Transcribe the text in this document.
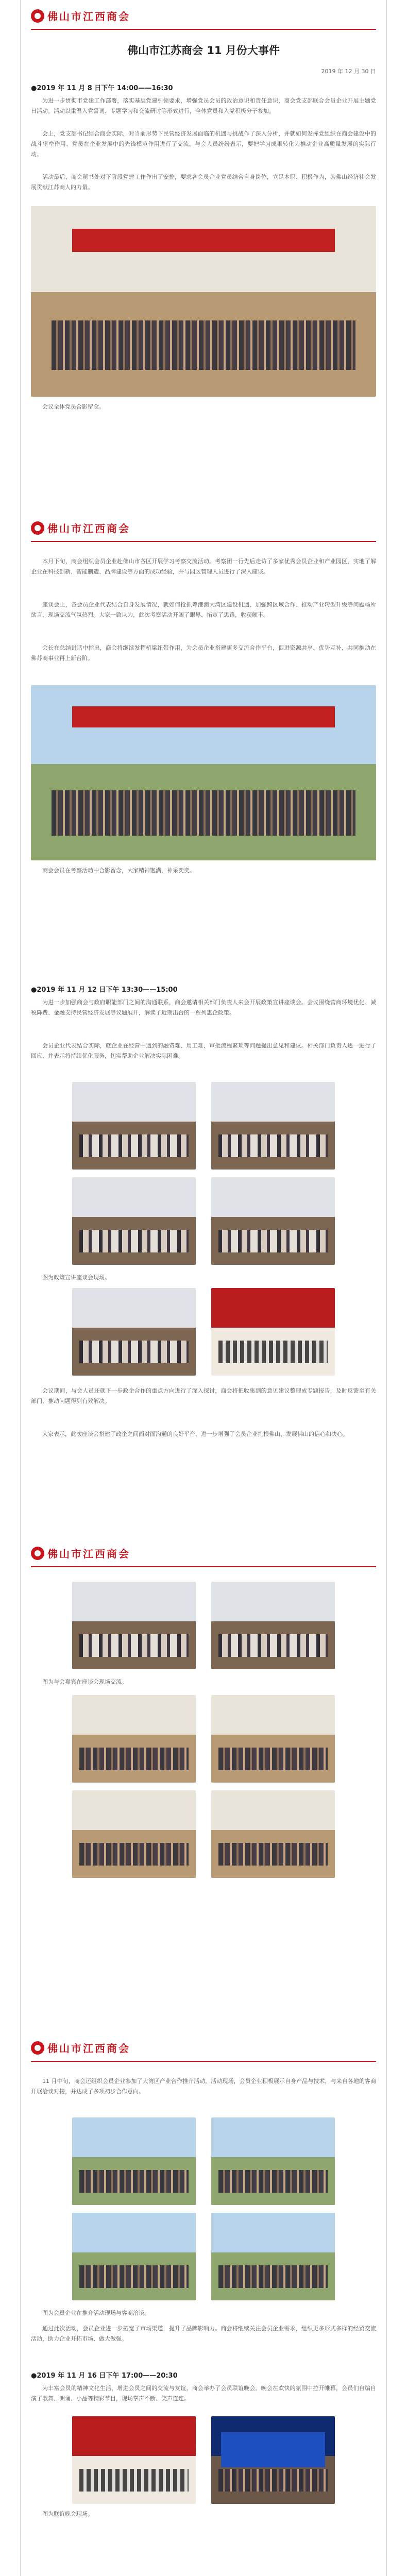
佛山市江西商会
佛山市江苏商会 11 月份大事件
2019 年 12 月 30 日
●2019 年 11 月 8 日下午 14:00——16:30

为进一步贯彻市党建工作部署，落实基层党建引领要求，增强党员会员的政治意识和责任意识，商会党支部联合会员企业开展主题党日活动。活动以重温入党誓词、专题学习和交流研讨等形式进行，全体党员和入党积极分子参加。

会上，党支部书记结合商会实际，对当前形势下民营经济发展面临的机遇与挑战作了深入分析，并就如何发挥党组织在商会建设中的战斗堡垒作用、党员在企业发展中的先锋模范作用进行了交流。与会人员纷纷表示，要把学习成果转化为推动企业高质量发展的实际行动。

活动最后，商会秘书处对下阶段党建工作作出了安排，要求各会员企业党员结合自身岗位，立足本职、积极作为，为佛山经济社会发展贡献江苏商人的力量。

会议全体党员合影留念。

佛山市江西商会

本月下旬，商会组织会员企业赴佛山市各区开展学习考察交流活动。考察团一行先后走访了多家优秀会员企业和产业园区，实地了解企业在科技创新、智能制造、品牌建设等方面的成功经验，并与园区管理人员进行了深入座谈。

座谈会上，各会员企业代表结合自身发展情况，就如何抢抓粤港澳大湾区建设机遇、加强跨区域合作、推动产业转型升级等问题畅所欲言，现场交流气氛热烈。大家一致认为，此次考察活动开阔了眼界、拓宽了思路，收获颇丰。

会长在总结讲话中指出，商会将继续发挥桥梁纽带作用，为会员企业搭建更多交流合作平台，促进资源共享、优势互补，共同推动在佛苏商事业再上新台阶。

商会会员在考察活动中合影留念，大家精神饱满，神采奕奕。

●2019 年 11 月 12 日下午 13:30——15:00

为进一步加强商会与政府职能部门之间的沟通联系，商会邀请相关部门负责人来会开展政策宣讲座谈会。会议围绕营商环境优化、减税降费、金融支持民营经济发展等议题展开，解读了近期出台的一系列惠企政策。

会员企业代表结合实际，就企业在经营中遇到的融资难、用工难、审批流程繁琐等问题提出意见和建议。相关部门负责人逐一进行了回应，并表示将持续优化服务，切实帮助企业解决实际困难。

图为政策宣讲座谈会现场。

会议期间，与会人员还就下一步政企合作的重点方向进行了深入探讨，商会将把收集到的意见建议整理成专题报告，及时反馈至有关部门，推动问题得到有效解决。

大家表示，此次座谈会搭建了政企之间面对面沟通的良好平台，进一步增强了会员企业扎根佛山、发展佛山的信心和决心。

佛山市江西商会

图为与会嘉宾在座谈会现场交流。

佛山市江西商会

11 月中旬，商会还组织会员企业参加了大湾区产业合作推介活动。活动现场，会员企业积极展示自身产品与技术，与来自各地的客商开展洽谈对接，并达成了多项初步合作意向。

图为会员企业在推介活动现场与客商洽谈。

通过此次活动，会员企业进一步拓宽了市场渠道，提升了品牌影响力。商会将继续关注会员企业需求，组织更多形式多样的经贸交流活动，助力企业开拓市场、做大做强。

●2019 年 11 月 16 日下午 17:00——20:30

为丰富会员的精神文化生活，增进会员之间的交流与友谊，商会举办了会员联谊晚会。晚会在欢快的氛围中拉开帷幕，会员们自编自演了歌舞、朗诵、小品等精彩节目，现场掌声不断、笑声连连。

图为联谊晚会现场。
